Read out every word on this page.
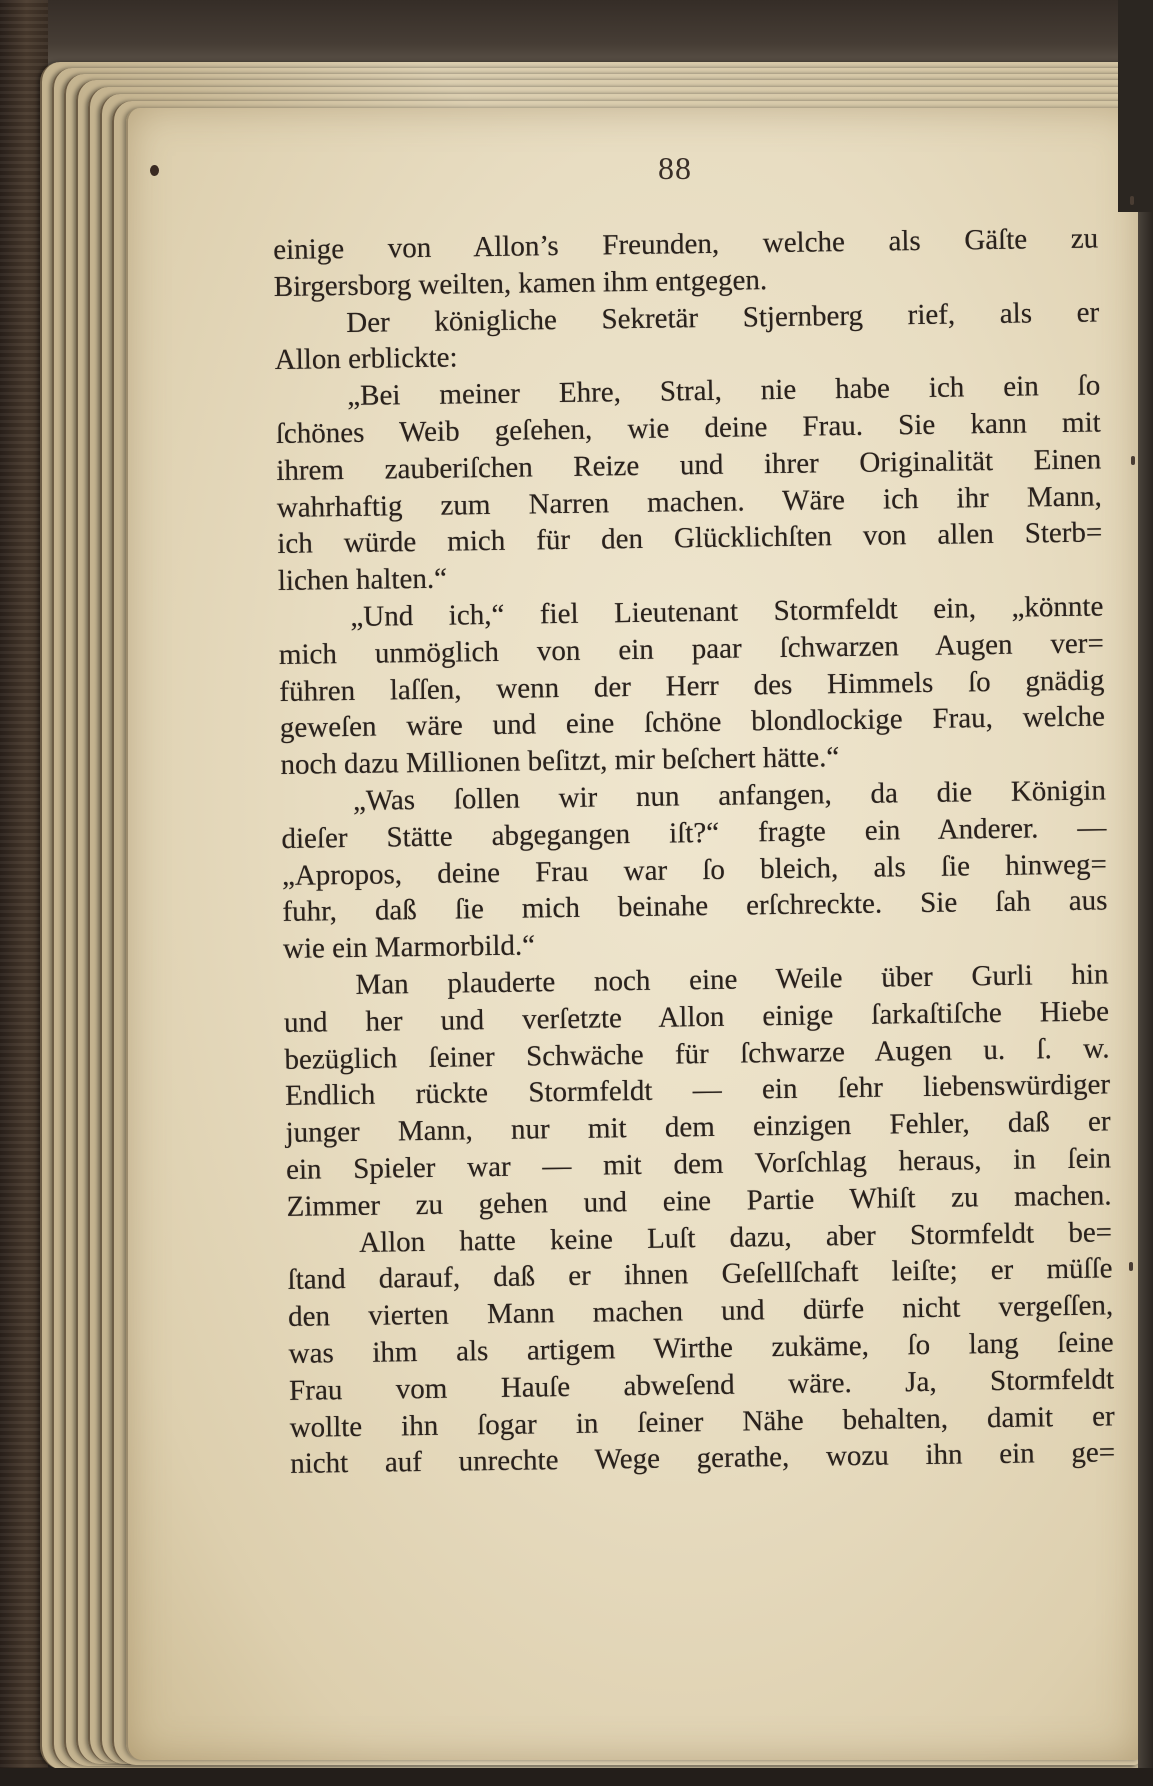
88
einige von Allon’s Freunden, welche als Gäſte zu
Birgersborg weilten, kamen ihm entgegen.
Der königliche Sekretär Stjernberg rief, als er
Allon erblickte:
„Bei meiner Ehre, Stral, nie habe ich ein ſo
ſchönes Weib geſehen, wie deine Frau. Sie kann mit
ihrem zauberiſchen Reize und ihrer Originalität Einen
wahrhaftig zum Narren machen. Wäre ich ihr Mann,
ich würde mich für den Glücklichſten von allen Sterb=
lichen halten.“
„Und ich,“ fiel Lieutenant Stormfeldt ein, „könnte
mich unmöglich von ein paar ſchwarzen Augen ver=
führen laſſen, wenn der Herr des Himmels ſo gnädig
geweſen wäre und eine ſchöne blondlockige Frau, welche
noch dazu Millionen beſitzt, mir beſchert hätte.“
„Was ſollen wir nun anfangen, da die Königin
dieſer Stätte abgegangen iſt?“ fragte ein Anderer. —
„Apropos, deine Frau war ſo bleich, als ſie hinweg=
fuhr, daß ſie mich beinahe erſchreckte. Sie ſah aus
wie ein Marmorbild.“
Man plauderte noch eine Weile über Gurli hin
und her und verſetzte Allon einige ſarkaſtiſche Hiebe
bezüglich ſeiner Schwäche für ſchwarze Augen u. ſ. w.
Endlich rückte Stormfeldt — ein ſehr liebenswürdiger
junger Mann, nur mit dem einzigen Fehler, daß er
ein Spieler war — mit dem Vorſchlag heraus, in ſein
Zimmer zu gehen und eine Partie Whiſt zu machen.
Allon hatte keine Luſt dazu, aber Stormfeldt be=
ſtand darauf, daß er ihnen Geſellſchaft leiſte; er müſſe
den vierten Mann machen und dürfe nicht vergeſſen,
was ihm als artigem Wirthe zukäme, ſo lang ſeine
Frau vom Hauſe abweſend wäre. Ja, Stormfeldt
wollte ihn ſogar in ſeiner Nähe behalten, damit er
nicht auf unrechte Wege gerathe, wozu ihn ein ge=
